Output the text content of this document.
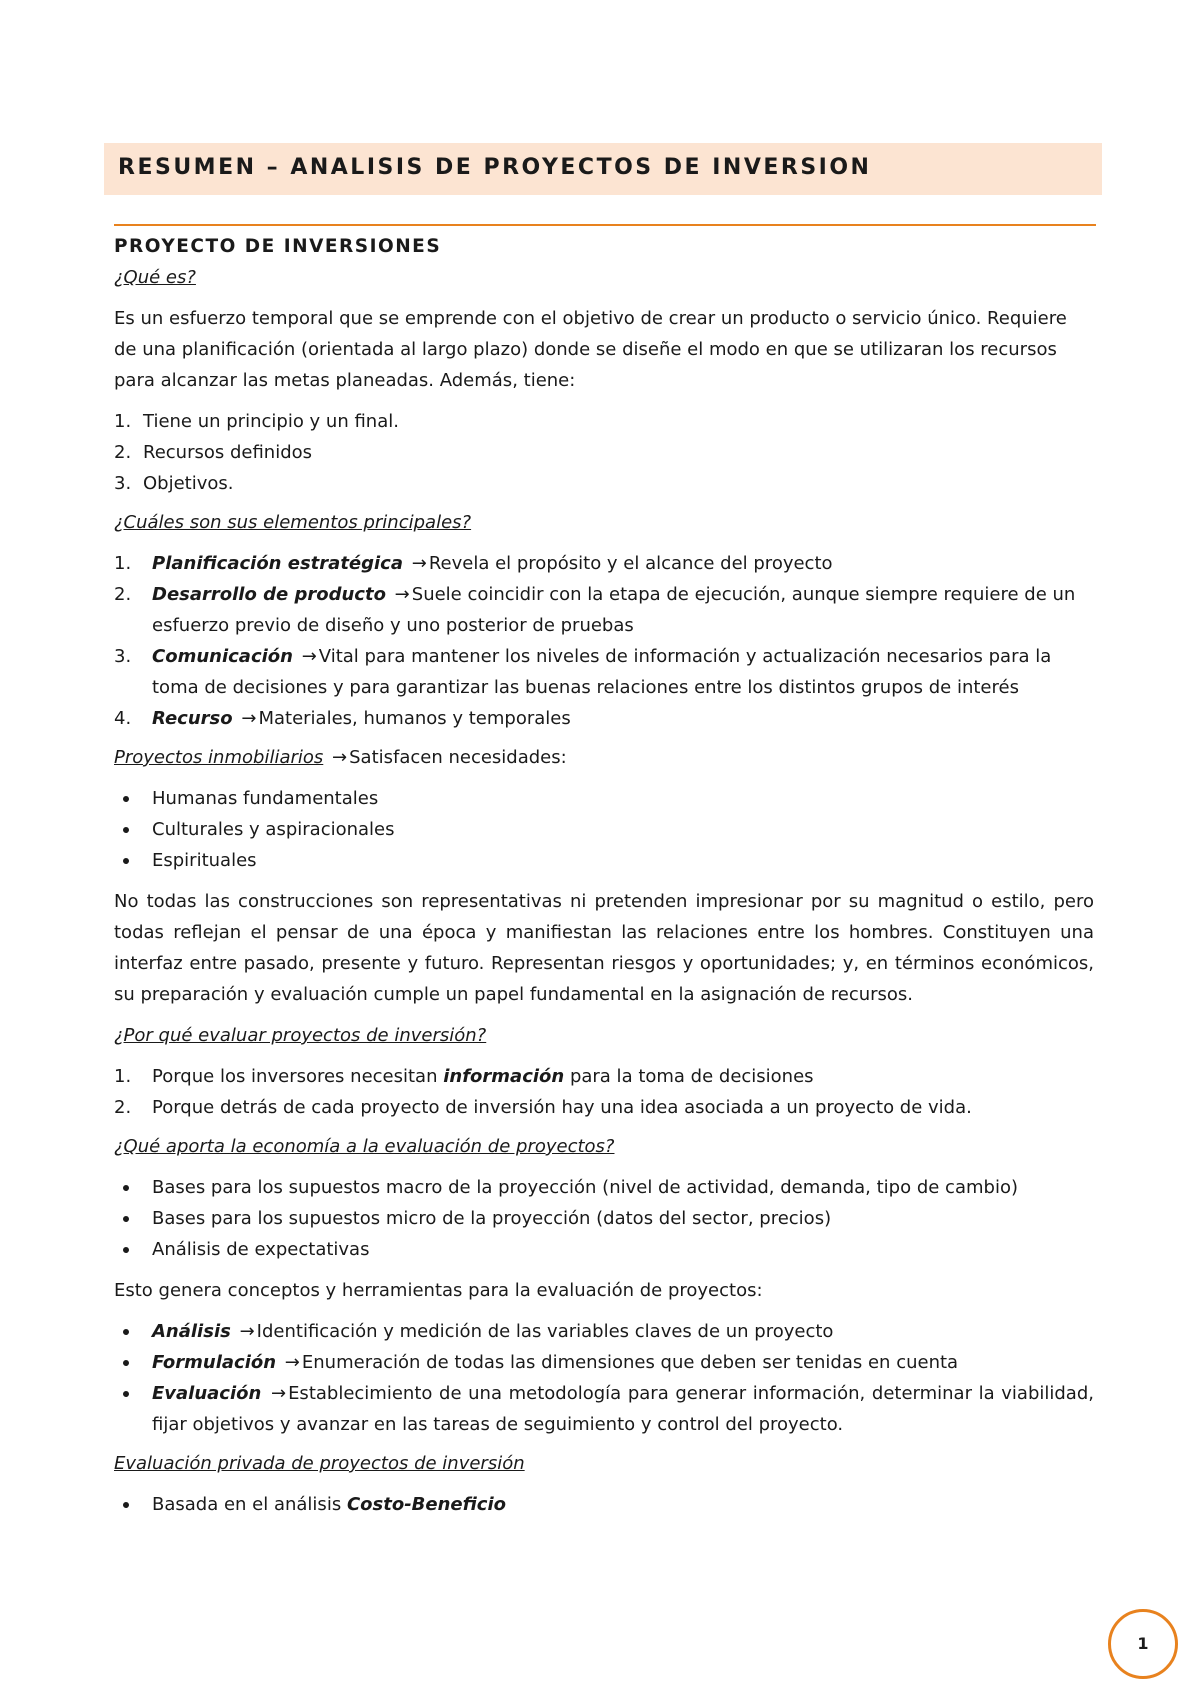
RESUMEN – ANALISIS DE PROYECTOS DE INVERSION

PROYECTO DE INVERSIONES

¿Qué es?

Es un esfuerzo temporal que se emprende con el objetivo de crear un producto o servicio único. Requiere de una planificación (orientada al largo plazo) donde se diseñe el modo en que se utilizaran los recursos para alcanzar las metas planeadas. Además, tiene:

1. Tiene un principio y un final.
2. Recursos definidos
3. Objetivos.

¿Cuáles son sus elementos principales?

1. Planificación estratégica → Revela el propósito y el alcance del proyecto
2. Desarrollo de producto → Suele coincidir con la etapa de ejecución, aunque siempre requiere de un esfuerzo previo de diseño y uno posterior de pruebas
3. Comunicación → Vital para mantener los niveles de información y actualización necesarios para la toma de decisiones y para garantizar las buenas relaciones entre los distintos grupos de interés
4. Recurso → Materiales, humanos y temporales

Proyectos inmobiliarios → Satisfacen necesidades:

Humanas fundamentales
Culturales y aspiracionales
Espirituales

No todas las construcciones son representativas ni pretenden impresionar por su magnitud o estilo, pero todas reflejan el pensar de una época y manifiestan las relaciones entre los hombres. Constituyen una interfaz entre pasado, presente y futuro. Representan riesgos y oportunidades; y, en términos económicos, su preparación y evaluación cumple un papel fundamental en la asignación de recursos.

¿Por qué evaluar proyectos de inversión?

1. Porque los inversores necesitan información para la toma de decisiones
2. Porque detrás de cada proyecto de inversión hay una idea asociada a un proyecto de vida.

¿Qué aporta la economía a la evaluación de proyectos?

Bases para los supuestos macro de la proyección (nivel de actividad, demanda, tipo de cambio)
Bases para los supuestos micro de la proyección (datos del sector, precios)
Análisis de expectativas

Esto genera conceptos y herramientas para la evaluación de proyectos:

Análisis → Identificación y medición de las variables claves de un proyecto
Formulación → Enumeración de todas las dimensiones que deben ser tenidas en cuenta
Evaluación → Establecimiento de una metodología para generar información, determinar la viabilidad, fijar objetivos y avanzar en las tareas de seguimiento y control del proyecto.

Evaluación privada de proyectos de inversión

Basada en el análisis Costo-Beneficio
1
